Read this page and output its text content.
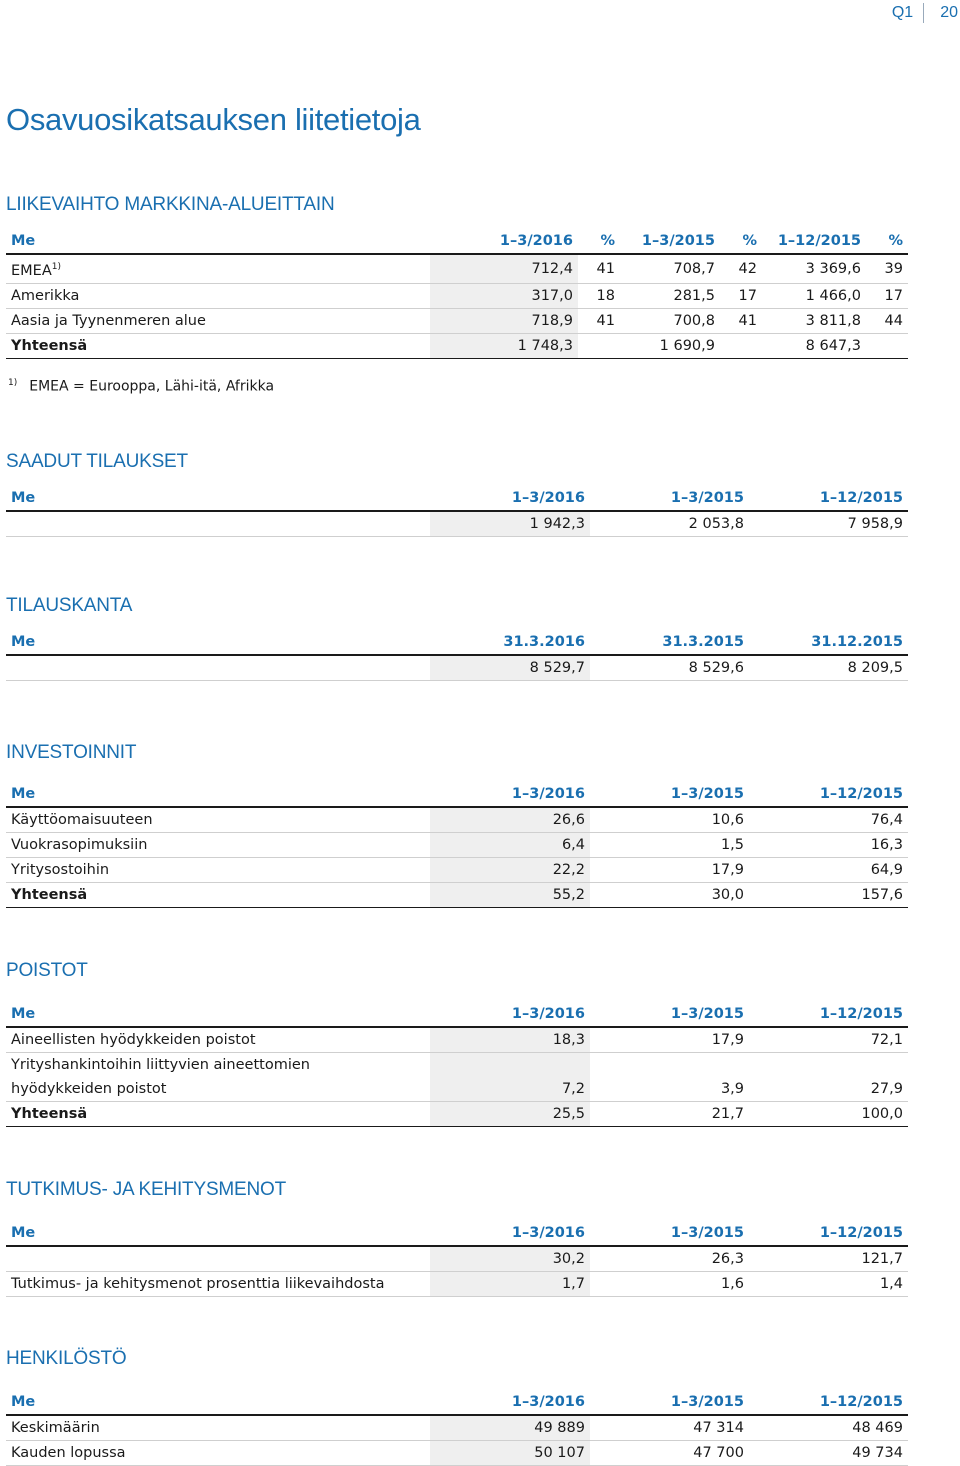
Q1	20
Osavuosikatsauksen liitetietoja
LIIKEVAIHTO MARKKINA-ALUEITTAIN
Me	1–3/2016	%	1–3/2015	%	1–12/2015	%
EMEA$^{1)}$	712,4	41	708,7	42	3 369,6	39
Amerikka	317,0	18	281,5	17	1 466,0	17
Aasia ja Tyynenmeren alue	718,9	41	700,8	41	3 811,8	44
Yhteensä	1 748,3		1 690,9		8 647,3	
$^{1)}$ EMEA = Eurooppa, Lähi-itä, Afrikka
SAADUT TILAUKSET
Me	1–3/2016	1–3/2015	1–12/2015
	1 942,3	2 053,8	7 958,9
TILAUSKANTA
Me	31.3.2016	31.3.2015	31.12.2015
	8 529,7	8 529,6	8 209,5
INVESTOINNIT
Me	1–3/2016	1–3/2015	1–12/2015
Käyttöomaisuuteen	26,6	10,6	76,4
Vuokrasopimuksiin	6,4	1,5	16,3
Yritysostoihin	22,2	17,9	64,9
Yhteensä	55,2	30,0	157,6
POISTOT
Me	1–3/2016	1–3/2015	1–12/2015
Aineellisten hyödykkeiden poistot	18,3	17,9	72,1
Yrityshankintoihin liittyvien aineettomien
hyödykkeiden poistot	7,2	3,9	27,9
Yhteensä	25,5	21,7	100,0
TUTKIMUS- JA KEHITYSMENOT
Me	1–3/2016	1–3/2015	1–12/2015
	30,2	26,3	121,7
Tutkimus- ja kehitysmenot prosenttia liikevaihdosta	1,7	1,6	1,4
HENKILÖSTÖ
Me	1–3/2016	1–3/2015	1–12/2015
Keskimäärin	49 889	47 314	48 469
Kauden lopussa	50 107	47 700	49 734
